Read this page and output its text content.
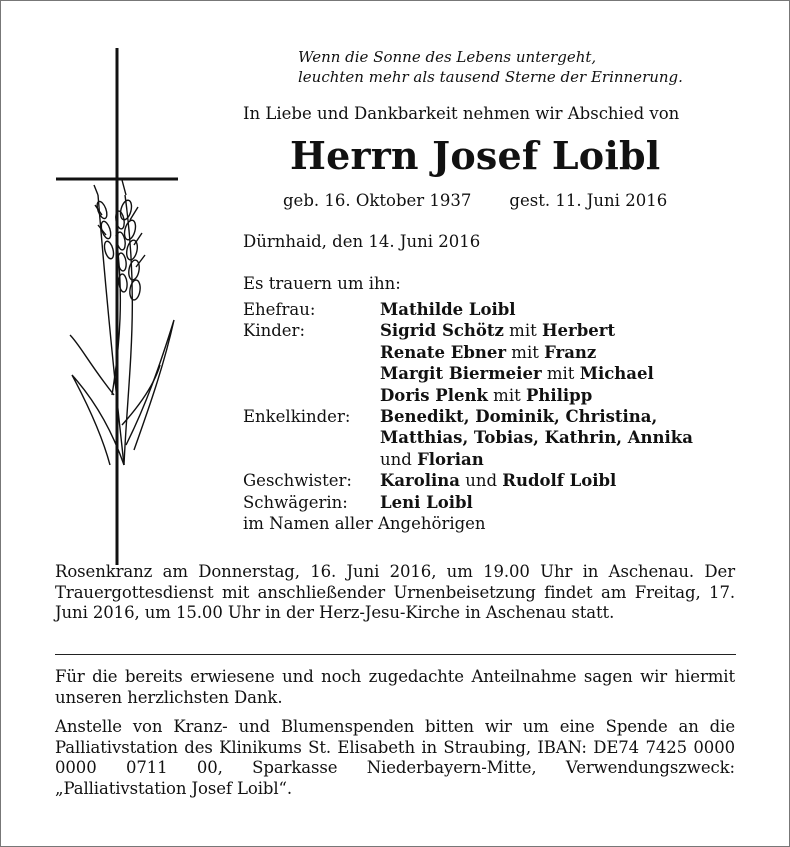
Wenn die Sonne des Lebens untergeht,
leuchten mehr als tausend Sterne der Erinnerung.
In Liebe und Dankbarkeit nehmen wir Abschied von
Herrn Josef Loibl
geb. 16. Oktober 1937 gest. 11. Juni 2016
Dürnhaid, den 14. Juni 2016
Es trauern um ihn:
Ehefrau:	Mathilde Loibl
Kinder:	Sigrid Schötz mit Herbert
Renate Ebner mit Franz
Margit Biermeier mit Michael
Doris Plenk mit Philipp
Enkelkinder:	Benedikt, Dominik, Christina,
Matthias, Tobias, Kathrin, Annika
und Florian
Geschwister:	Karolina und Rudolf Loibl
Schwägerin:	Leni Loibl
im Namen aller Angehörigen
Rosenkranz am Donnerstag, 16. Juni 2016, um 19.00 Uhr in Aschenau. Der Trauergottesdienst mit anschließender Urnenbeisetzung findet am Freitag, 17. Juni 2016, um 15.00 Uhr in der Herz-Jesu-Kirche in Aschenau statt.
Für die bereits erwiesene und noch zugedachte Anteilnahme sagen wir hiermit unseren herzlichsten Dank.
Anstelle von Kranz- und Blumenspenden bitten wir um eine Spende an die Palliativstation des Klinikums St. Elisabeth in Straubing, IBAN: DE74 7425 0000 0000 0711 00, Sparkasse Niederbayern-Mitte, Verwendungszweck: „Palliativstation Josef Loibl“.
